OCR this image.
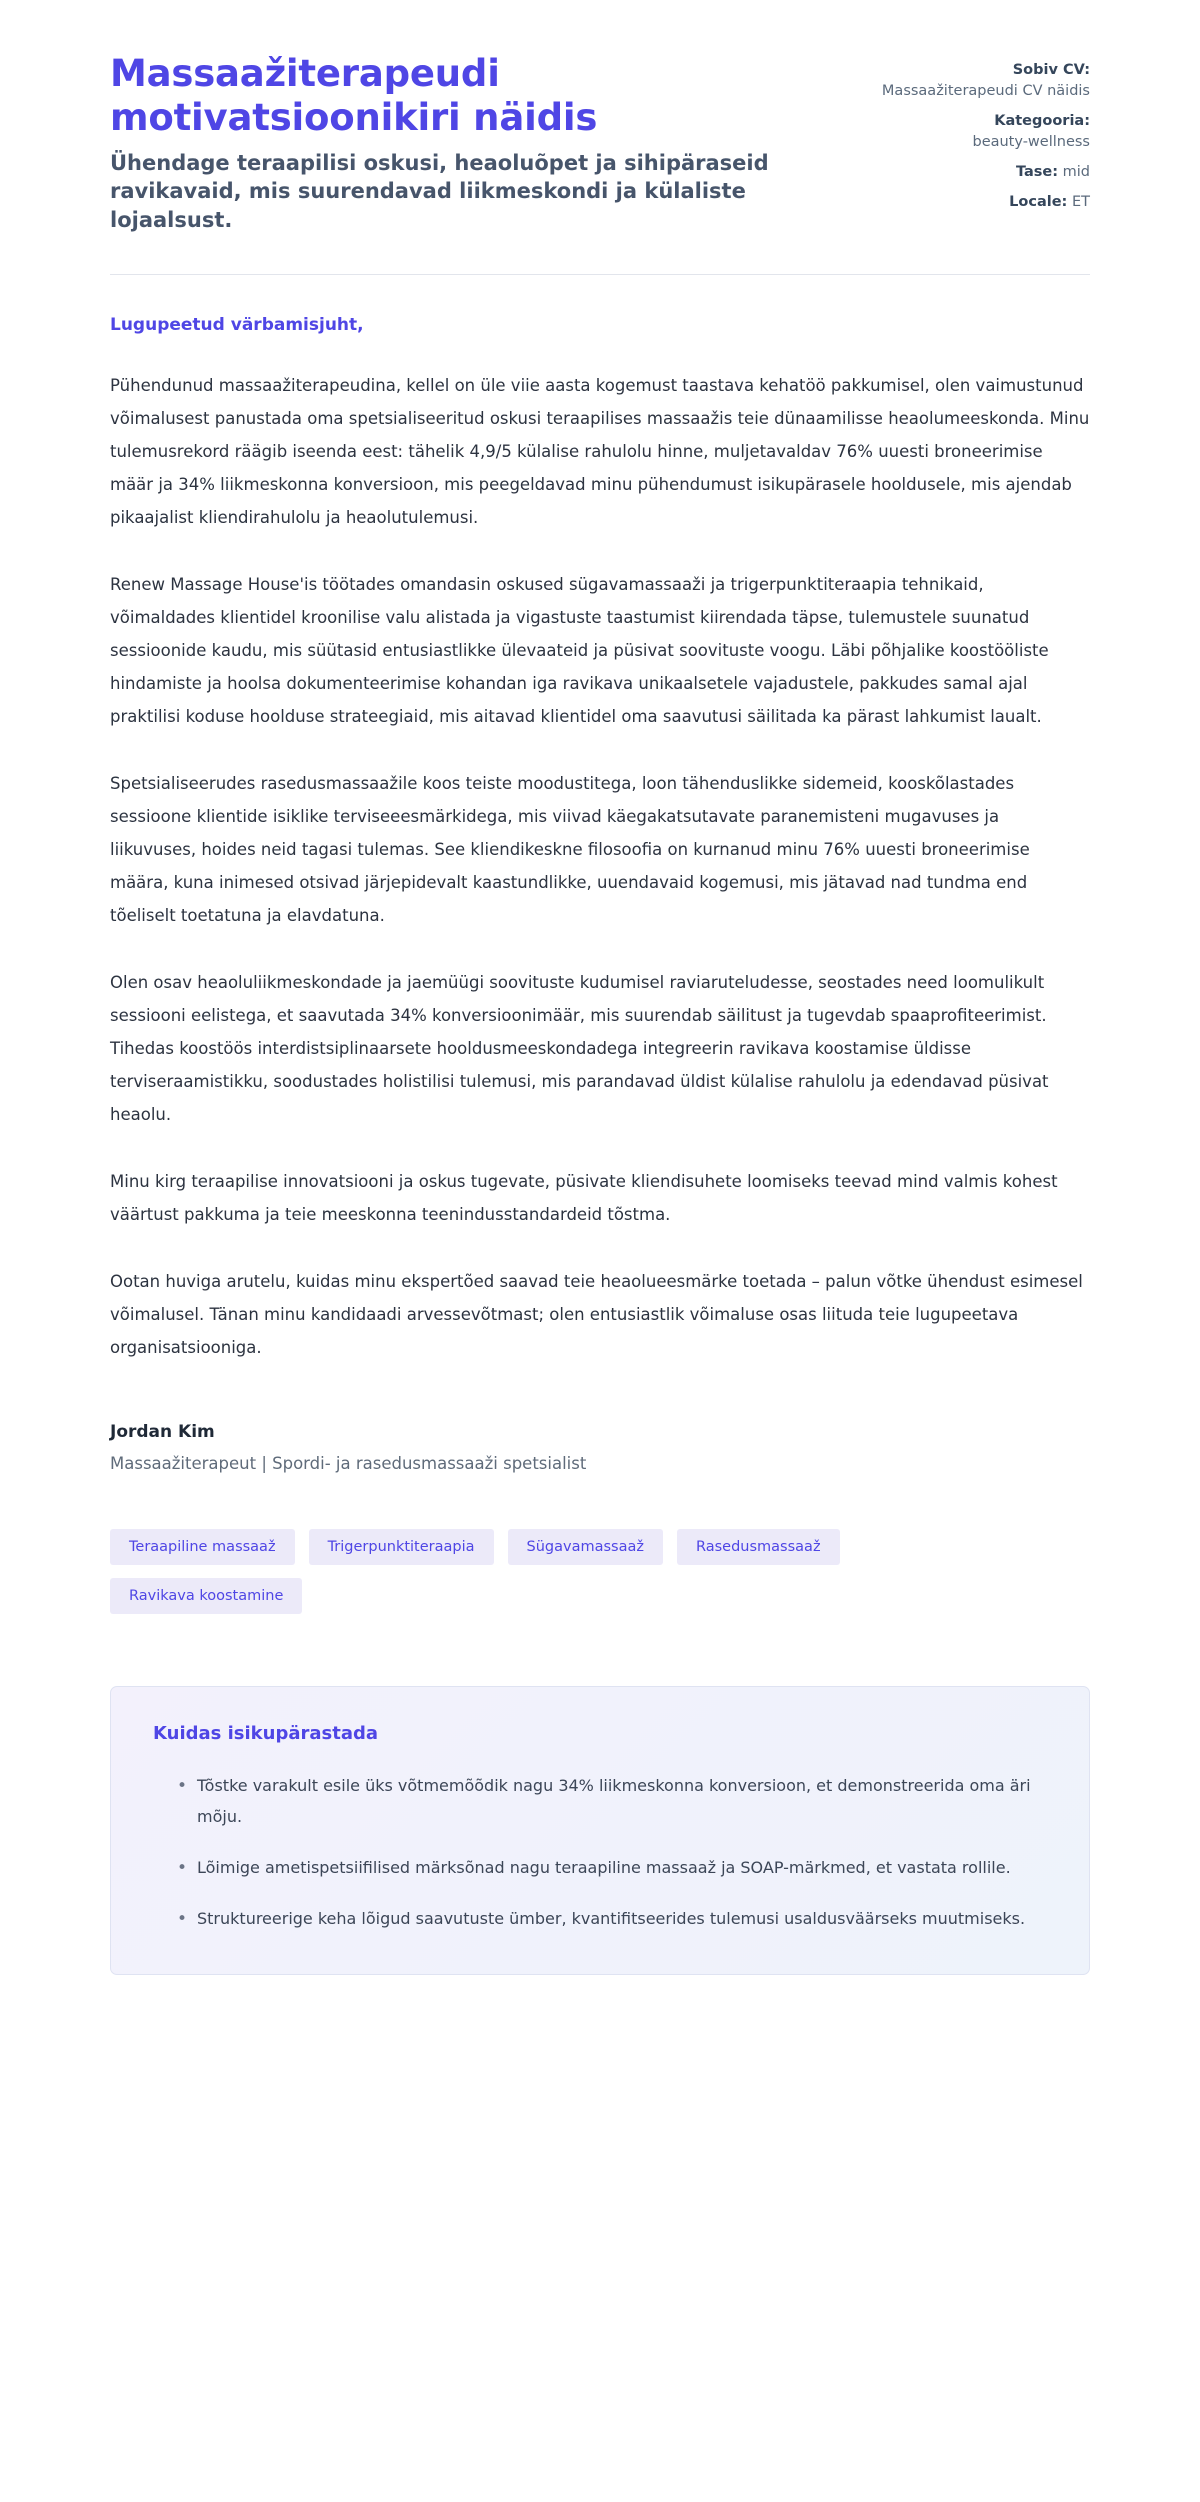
Massaažiterapeudi motivatsioonikiri näidis

Ühendage teraapilisi oskusi, heaoluõpet ja sihipäraseid ravikavaid, mis suurendavad liikmeskondi ja külaliste lojaalsust.

Sobiv CV:
Massaažiterapeudi CV näidis
Kategooria:
beauty-wellness
Tase: mid
Locale: ET

Lugupeetud värbamisjuht,

Pühendunud massaažiterapeudina, kellel on üle viie aasta kogemust taastava kehatöö pakkumisel, olen vaimustunud võimalusest panustada oma spetsialiseeritud oskusi teraapilises massaažis teie dünaamilisse heaolumeeskonda. Minu tulemusrekord räägib iseenda eest: tähelik 4,9/5 külalise rahulolu hinne, muljetavaldav 76% uuesti broneerimise määr ja 34% liikmeskonna konversioon, mis peegeldavad minu pühendumust isikupärasele hooldusele, mis ajendab pikaajalist kliendirahulolu ja heaolutulemusi.

Renew Massage House'is töötades omandasin oskused sügavamassaaži ja trigerpunktiteraapia tehnikaid, võimaldades klientidel kroonilise valu alistada ja vigastuste taastumist kiirendada täpse, tulemustele suunatud sessioonide kaudu, mis süütasid entusiastlikke ülevaateid ja püsivat soovituste voogu. Läbi põhjalike koostööliste hindamiste ja hoolsa dokumenteerimise kohandan iga ravikava unikaalsetele vajadustele, pakkudes samal ajal praktilisi koduse hoolduse strateegiaid, mis aitavad klientidel oma saavutusi säilitada ka pärast lahkumist laualt.

Spetsialiseerudes rasedusmassaažile koos teiste moodustitega, loon tähenduslikke sidemeid, kooskõlastades sessioone klientide isiklike terviseeesmärkidega, mis viivad käegakatsutavate paranemisteni mugavuses ja liikuvuses, hoides neid tagasi tulemas. See kliendikeskne filosoofia on kurnanud minu 76% uuesti broneerimise määra, kuna inimesed otsivad järjepidevalt kaastundlikke, uuendavaid kogemusi, mis jätavad nad tundma end tõeliselt toetatuna ja elavdatuna.

Olen osav heaoluliikmeskondade ja jaemüügi soovituste kudumisel raviaruteludesse, seostades need loomulikult sessiooni eelistega, et saavutada 34% konversioonimäär, mis suurendab säilitust ja tugevdab spaaprofiteerimist. Tihedas koostöös interdistsiplinaarsete hooldusmeeskondadega integreerin ravikava koostamise üldisse terviseraamistikku, soodustades holistilisi tulemusi, mis parandavad üldist külalise rahulolu ja edendavad püsivat heaolu.

Minu kirg teraapilise innovatsiooni ja oskus tugevate, püsivate kliendisuhete loomiseks teevad mind valmis kohest väärtust pakkuma ja teie meeskonna teenindusstandardeid tõstma.

Ootan huviga arutelu, kuidas minu ekspertõed saavad teie heaolueesmärke toetada – palun võtke ühendust esimesel võimalusel. Tänan minu kandidaadi arvessevõtmast; olen entusiastlik võimaluse osas liituda teie lugupeetava organisatsiooniga.

Jordan Kim

Massaažiterapeut | Spordi- ja rasedusmassaaži spetsialist

Teraapiline massaaž	Trigerpunktiteraapia	Sügavamassaaž	Rasedusmassaaž
Ravikava koostamine
Kuidas isikupärastada
• Tõstke varakult esile üks võtmemõõdik nagu 34% liikmeskonna konversioon, et demonstreerida oma äri mõju.
• Lõimige ametispetsiifilised märksõnad nagu teraapiline massaaž ja SOAP-märkmed, et vastata rollile.
• Struktureerige keha lõigud saavutuste ümber, kvantifitseerides tulemusi usaldusväärseks muutmiseks.
